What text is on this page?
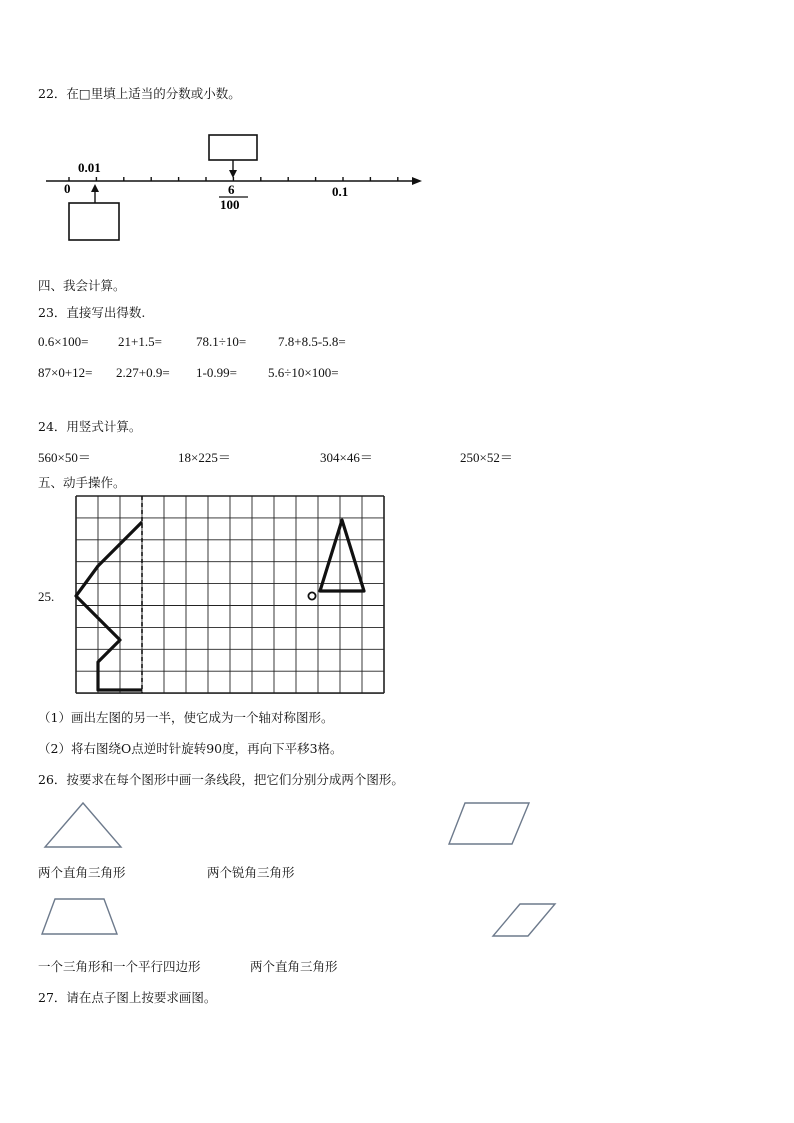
22．在□里填上适当的分数或小数。
0.01
0	6
100
0.1
四、我会计算。
23．直接写出得数.
0.6×100= 21+1.5=	78.1÷10= 7.8+8.5-5.8=
87×0+12= 2.27+0.9= 1-0.99= 5.6÷10×100=
24．用竖式计算。
560×50＝	18×225＝	304×46＝	250×52＝
五、动手操作。
25.
（1）画出左图的另一半，使它成为一个轴对称图形。
（2）将右图绕O点逆时针旋转90度，再向下平移3格。
26．按要求在每个图形中画一条线段，把它们分别分成两个图形。
两个直角三角形	两个锐角三角形
一个三角形和一个平行四边形	两个直角三角形
27．请在点子图上按要求画图。
